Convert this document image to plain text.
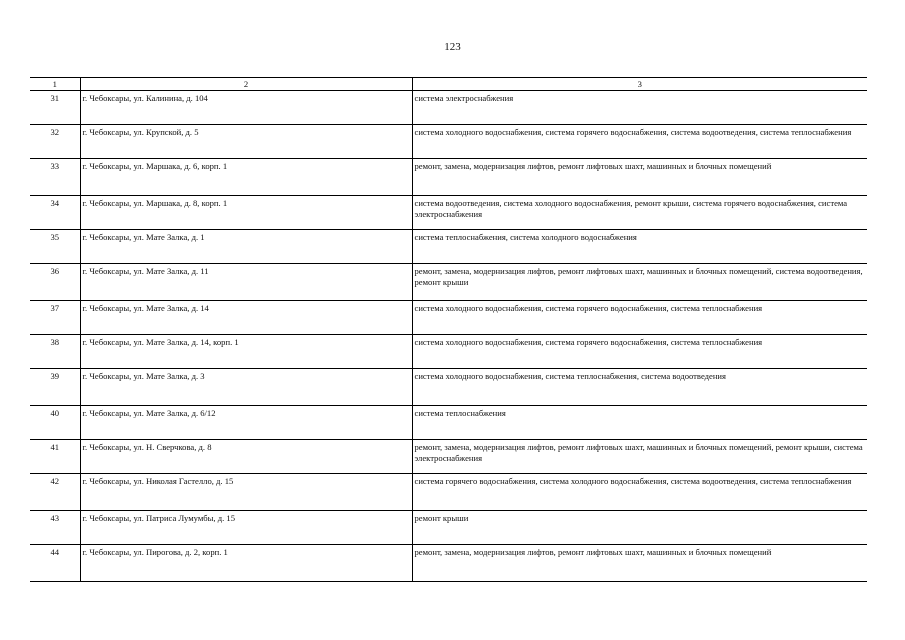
123
1	2	3
31	г. Чебоксары, ул. Калинина, д. 104	система электроснабжения
32	г. Чебоксары, ул. Крупской, д. 5	система холодного водоснабжения, система горячего водоснабжения, система водоотведения, система теплоснабжения
33	г. Чебоксары, ул. Маршака, д. 6, корп. 1	ремонт, замена, модернизация лифтов, ремонт лифтовых шахт, машинных и блочных помещений
34	г. Чебоксары, ул. Маршака, д. 8, корп. 1	система водоотведения, система холодного водоснабжения, ремонт крыши, система горячего водоснабжения, система электроснабжения
35	г. Чебоксары, ул. Мате Залка, д. 1	система теплоснабжения, система холодного водоснабжения
36	г. Чебоксары, ул. Мате Залка, д. 11	ремонт, замена, модернизация лифтов, ремонт лифтовых шахт, машинных и блочных помещений, система водоотведения, ремонт крыши
37	г. Чебоксары, ул. Мате Залка, д. 14	система холодного водоснабжения, система горячего водоснабжения, система теплоснабжения
38	г. Чебоксары, ул. Мате Залка, д. 14, корп. 1	система холодного водоснабжения, система горячего водоснабжения, система теплоснабжения
39	г. Чебоксары, ул. Мате Залка, д. 3	система холодного водоснабжения, система теплоснабжения, система водоотведения
40	г. Чебоксары, ул. Мате Залка, д. 6/12	система теплоснабжения
41	г. Чебоксары, ул. Н. Сверчкова, д. 8	ремонт, замена, модернизация лифтов, ремонт лифтовых шахт, машинных и блочных помещений, ремонт крыши, система электроснабжения
42	г. Чебоксары, ул. Николая Гастелло, д. 15	система горячего водоснабжения, система холодного водоснабжения, система водоотведения, система теплоснабжения
43	г. Чебоксары, ул. Патриса Лумумбы, д. 15	ремонт крыши
44	г. Чебоксары, ул. Пирогова, д. 2, корп. 1	ремонт, замена, модернизация лифтов, ремонт лифтовых шахт, машинных и блочных помещений
